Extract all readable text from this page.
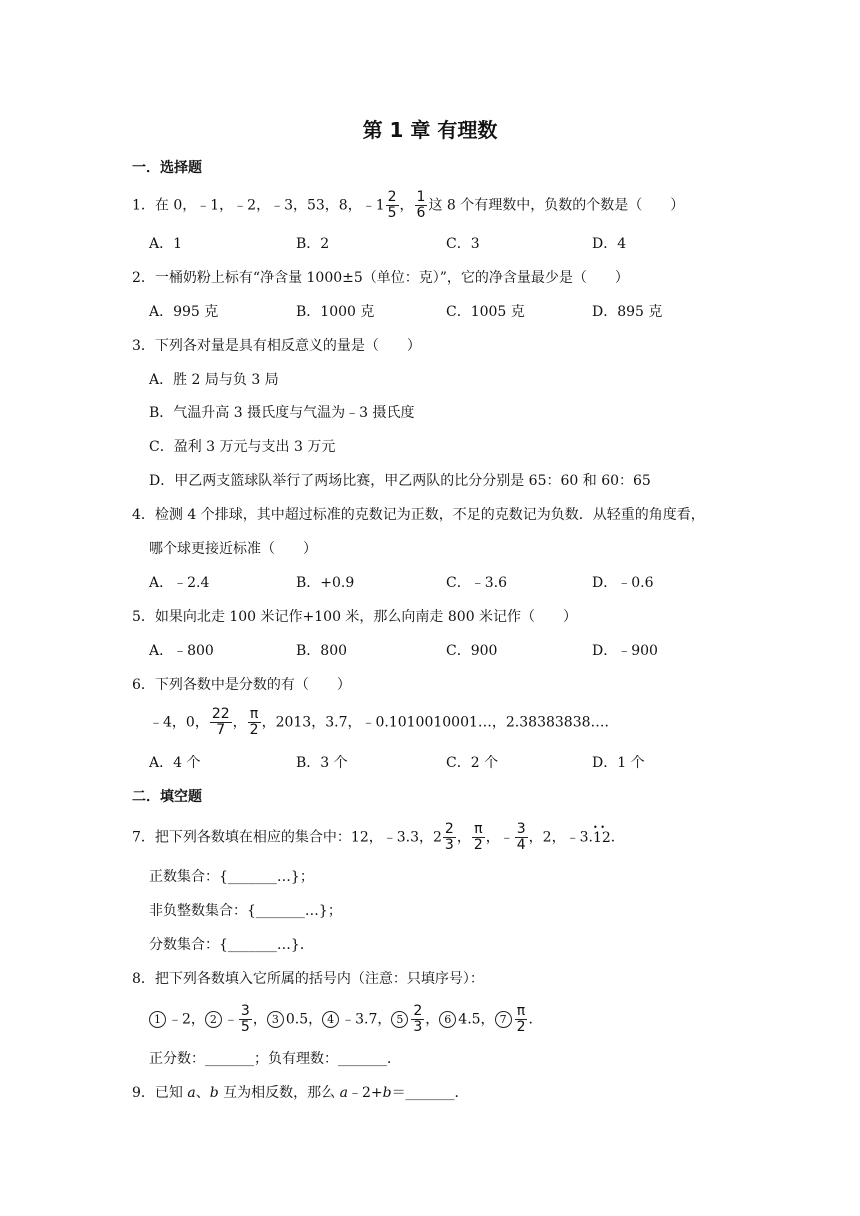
第 1 章 有理数
一．选择题
1．在 0，﹣1，﹣2，﹣3，53，8，﹣1 $\frac{2}{5}$ ， $\frac{1}{6}$ 这 8 个有理数中，负数的个数是（　　）
A．1	B．2	C．3	D．4
2．一桶奶粉上标有“净含量 1000±5（单位：克）”，它的净含量最少是（　　）
A．995 克	B．1000 克	C．1005 克	D．895 克
3．下列各对量是具有相反意义的量是（　　）
A．胜 2 局与负 3 局
B．气温升高 3 摄氏度与气温为﹣3 摄氏度
C．盈利 3 万元与支出 3 万元
D．甲乙两支篮球队举行了两场比赛，甲乙两队的比分分别是 65：60 和 60：65
4．检测 4 个排球，其中超过标准的克数记为正数，不足的克数记为负数．从轻重的角度看，
哪个球更接近标准（　　）
A．﹣2.4	B．+0.9	C．﹣3.6	D．﹣0.6
5．如果向北走 100 米记作+100 米，那么向南走 800 米记作（　　）
A．﹣800	B．800	C．900	D．﹣900
6．下列各数中是分数的有（　　）
﹣4，0， $\frac{22}{7}$ ， $\frac{\pi}{2}$ ，2013，3.7，﹣0.1010010001…，2.38383838…．
A．4 个	B．3 个	C．2 个	D．1 个
二．填空题
7．把下列各数填在相应的集合中：12，﹣3.3，$2 \frac{2}{3}$ ， $\frac{\pi}{2}$ ，﹣ $\frac{3}{4}$ ，2，﹣3.• • 12．
正数集合：{_______…}；
非负整数集合：{_______…}；
分数集合：{_______…}．
8．把下列各数填入它所属的括号内（注意：只填序号）：
1 ﹣2， 2 ﹣ $\frac{3}{5}$ ， 3 0.5， 4 ﹣3.7， $5 \frac{2}{3}$ ， 6 4.5， $7 \frac{\pi}{2}$ ．
正分数：_______；负有理数：_______．
9．已知 a、b 互为相反数，那么 a﹣2+b＝_______．
